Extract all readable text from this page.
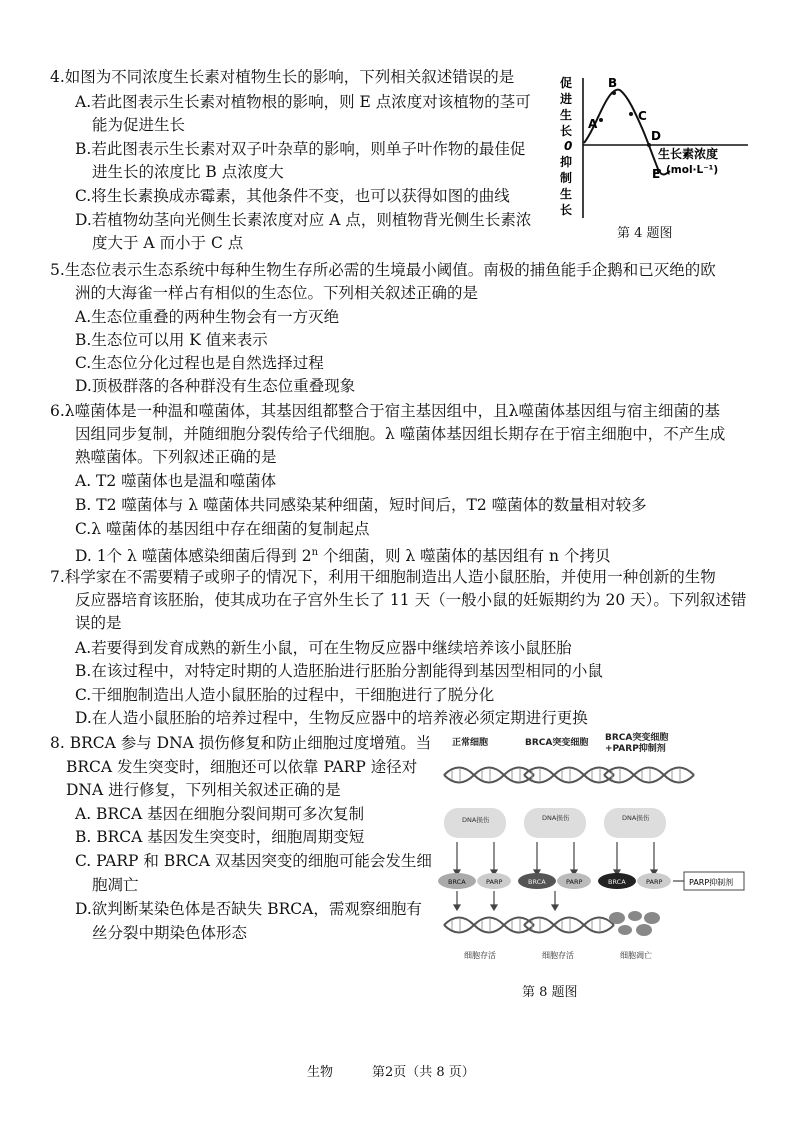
4.如图为不同浓度生长素对植物生长的影响，下列相关叙述错误的是
A.若此图表示生长素对植物根的影响，则 E 点浓度对该植物的茎可
能为促进生长
B.若此图表示生长素对双子叶杂草的影响，则单子叶作物的最佳促
进生长的浓度比 B 点浓度大
C.将生长素换成赤霉素，其他条件不变，也可以获得如图的曲线
D.若植物幼茎向光侧生长素浓度对应 A 点，则植物背光侧生长素浓
度大于 A 而小于 C 点
促
进
生
长
0
抑
制
生
长
A
B
C
D
E
生长素浓度
(mol·L⁻¹)
第 4 题图
5.生态位表示生态系统中每种生物生存所必需的生境最小阈值。南极的捕鱼能手企鹅和已灭绝的欧
洲的大海雀一样占有相似的生态位。下列相关叙述正确的是
A.生态位重叠的两种生物会有一方灭绝
B.生态位可以用 K 值来表示
C.生态位分化过程也是自然选择过程
D.顶极群落的各种群没有生态位重叠现象
6.λ噬菌体是一种温和噬菌体，其基因组都整合于宿主基因组中，且λ噬菌体基因组与宿主细菌的基
因组同步复制，并随细胞分裂传给子代细胞。λ 噬菌体基因组长期存在于宿主细胞中，不产生成
熟噬菌体。下列叙述正确的是
A. T2 噬菌体也是温和噬菌体
B. T2 噬菌体与 λ 噬菌体共同感染某种细菌，短时间后，T2 噬菌体的数量相对较多
C.λ 噬菌体的基因组中存在细菌的复制起点
D. 1个 λ 噬菌体感染细菌后得到 2$^n$ 个细菌，则 λ 噬菌体的基因组有 n 个拷贝
7.科学家在不需要精子或卵子的情况下，利用干细胞制造出人造小鼠胚胎，并使用一种创新的生物
反应器培育该胚胎，使其成功在子宫外生长了 11 天（一般小鼠的妊娠期约为 20 天）。下列叙述错
误的是
A.若要得到发育成熟的新生小鼠，可在生物反应器中继续培养该小鼠胚胎
B.在该过程中，对特定时期的人造胚胎进行胚胎分割能得到基因型相同的小鼠
C.干细胞制造出人造小鼠胚胎的过程中，干细胞进行了脱分化
D.在人造小鼠胚胎的培养过程中，生物反应器中的培养液必须定期进行更换
8. BRCA 参与 DNA 损伤修复和防止细胞过度增殖。当
BRCA 发生突变时，细胞还可以依靠 PARP 途径对
DNA 进行修复，下列相关叙述正确的是
A. BRCA 基因在细胞分裂间期可多次复制
B. BRCA 基因发生突变时，细胞周期变短
C. PARP 和 BRCA 双基因突变的细胞可能会发生细
胞凋亡
D.欲判断某染色体是否缺失 BRCA，需观察细胞有
丝分裂中期染色体形态
正常细胞	BRCA突变细胞 BRCA突变细胞
+PARP抑制剂
DNA损伤	DNA损伤	DNA损伤
BRCA	PARP	BRCA	PARP	BRCA	PARP	PARP抑制剂
细胞存活	细胞存活	细胞凋亡
第 8 题图
生物	第2页（共 8 页）
